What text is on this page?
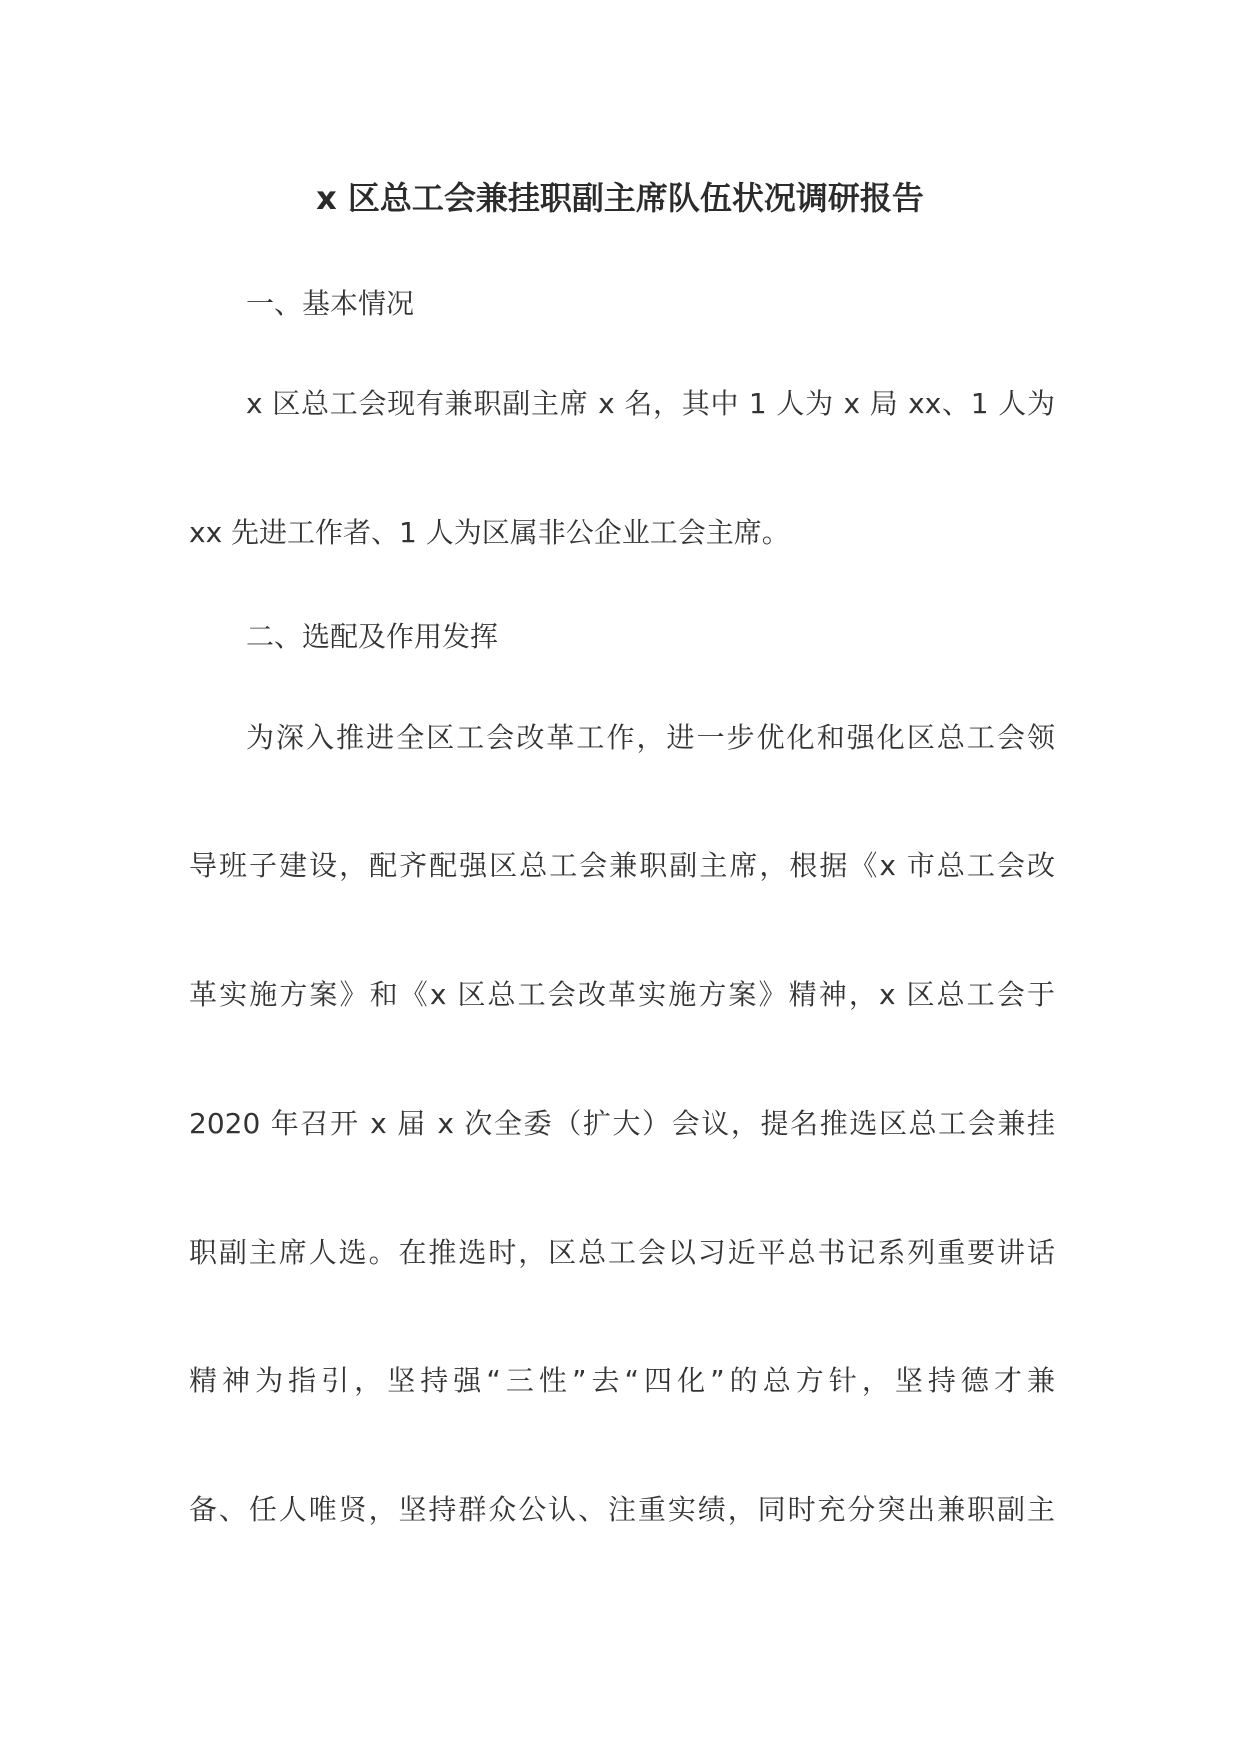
x 区总工会兼挂职副主席队伍状况调研报告

一、基本情况

x 区总工会现有兼职副主席 x 名，其中 1 人为 x 局 xx、1 人为

xx 先进工作者、1 人为区属非公企业工会主席。

二、选配及作用发挥

为深入推进全区工会改革工作，进一步优化和强化区总工会领

导班子建设，配齐配强区总工会兼职副主席，根据《x 市总工会改

革实施方案》和《x 区总工会改革实施方案》精神，x 区总工会于

2020 年召开 x 届 x 次全委（扩大）会议，提名推选区总工会兼挂

职副主席人选。在推选时，区总工会以习近平总书记系列重要讲话

精神为指引，坚持强“三性”去“四化”的总方针，坚持德才兼

备、任人唯贤，坚持群众公认、注重实绩，同时充分突出兼职副主
